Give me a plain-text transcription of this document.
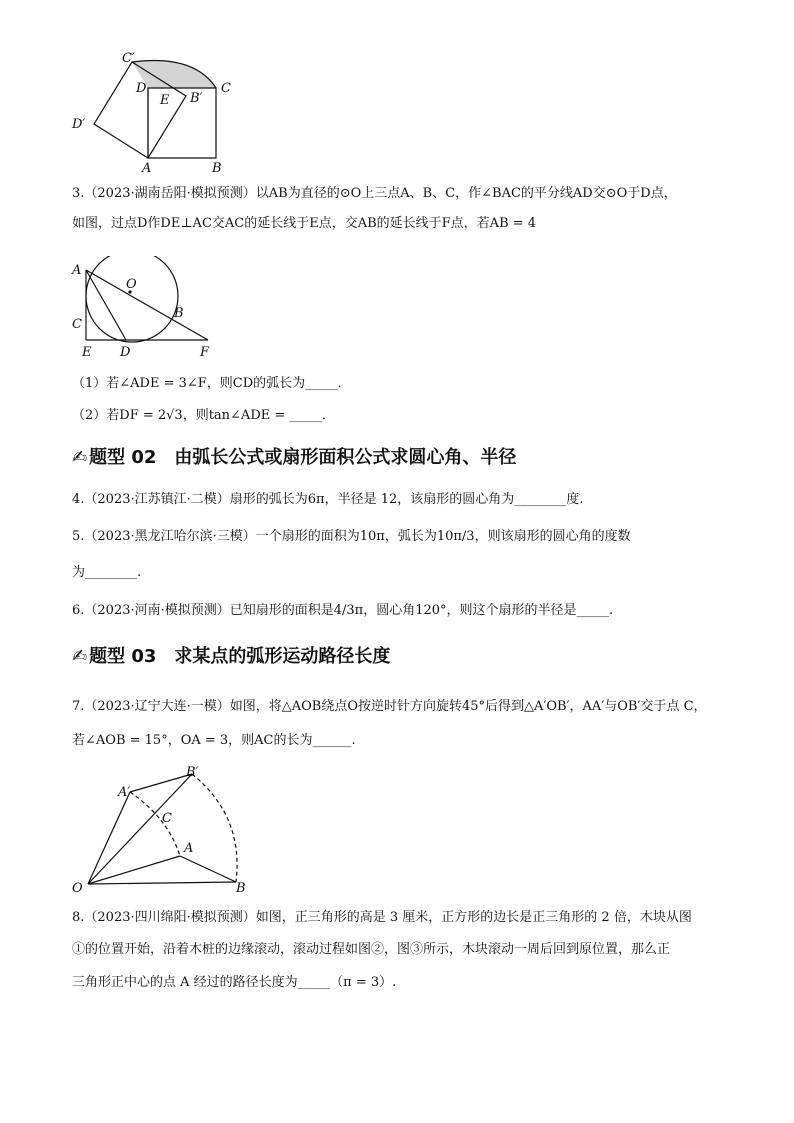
C′
C
D
E B′
D′
A	B
3.（2023·湖南岳阳·模拟预测）以AB为直径的⊙O上三点A、B、C，作∠BAC的平分线AD交⊙O于D点，
如图，过点D作DE⊥AC交AC的延长线于E点，交AB的延长线于F点，若AB = 4
A
O
C
B
E D	F
（1）若∠ADE = 3∠F，则CD的弧长为_____．
（2）若DF = 2√3，则tan∠ADE = _____．
✍ 题型 02 由弧长公式或扇形面积公式求圆心角、半径
4.（2023·江苏镇江·二模）扇形的弧长为6π，半径是 12，该扇形的圆心角为________度.
5.（2023·黑龙江哈尔滨·三模）一个扇形的面积为10π，弧长为10π/3，则该扇形的圆心角的度数
为________.
6.（2023·河南·模拟预测）已知扇形的面积是4/3π，圆心角120°，则这个扇形的半径是_____.
✍ 题型 03 求某点的弧形运动路径长度
7.（2023·辽宁大连·一模）如图，将△AOB绕点O按逆时针方向旋转45°后得到△A′OB′，AA′与OB′交于点 C，
若∠AOB = 15°，OA = 3，则AC的长为______.
A′
B′
C
A
O	B
8.（2023·四川绵阳·模拟预测）如图，正三角形的高是 3 厘米，正方形的边长是正三角形的 2 倍，木块从图
①的位置开始，沿着木桩的边缘滚动，滚动过程如图②，图③所示，木块滚动一周后回到原位置，那么正
三角形正中心的点 A 经过的路径长度为_____（π = 3）.
